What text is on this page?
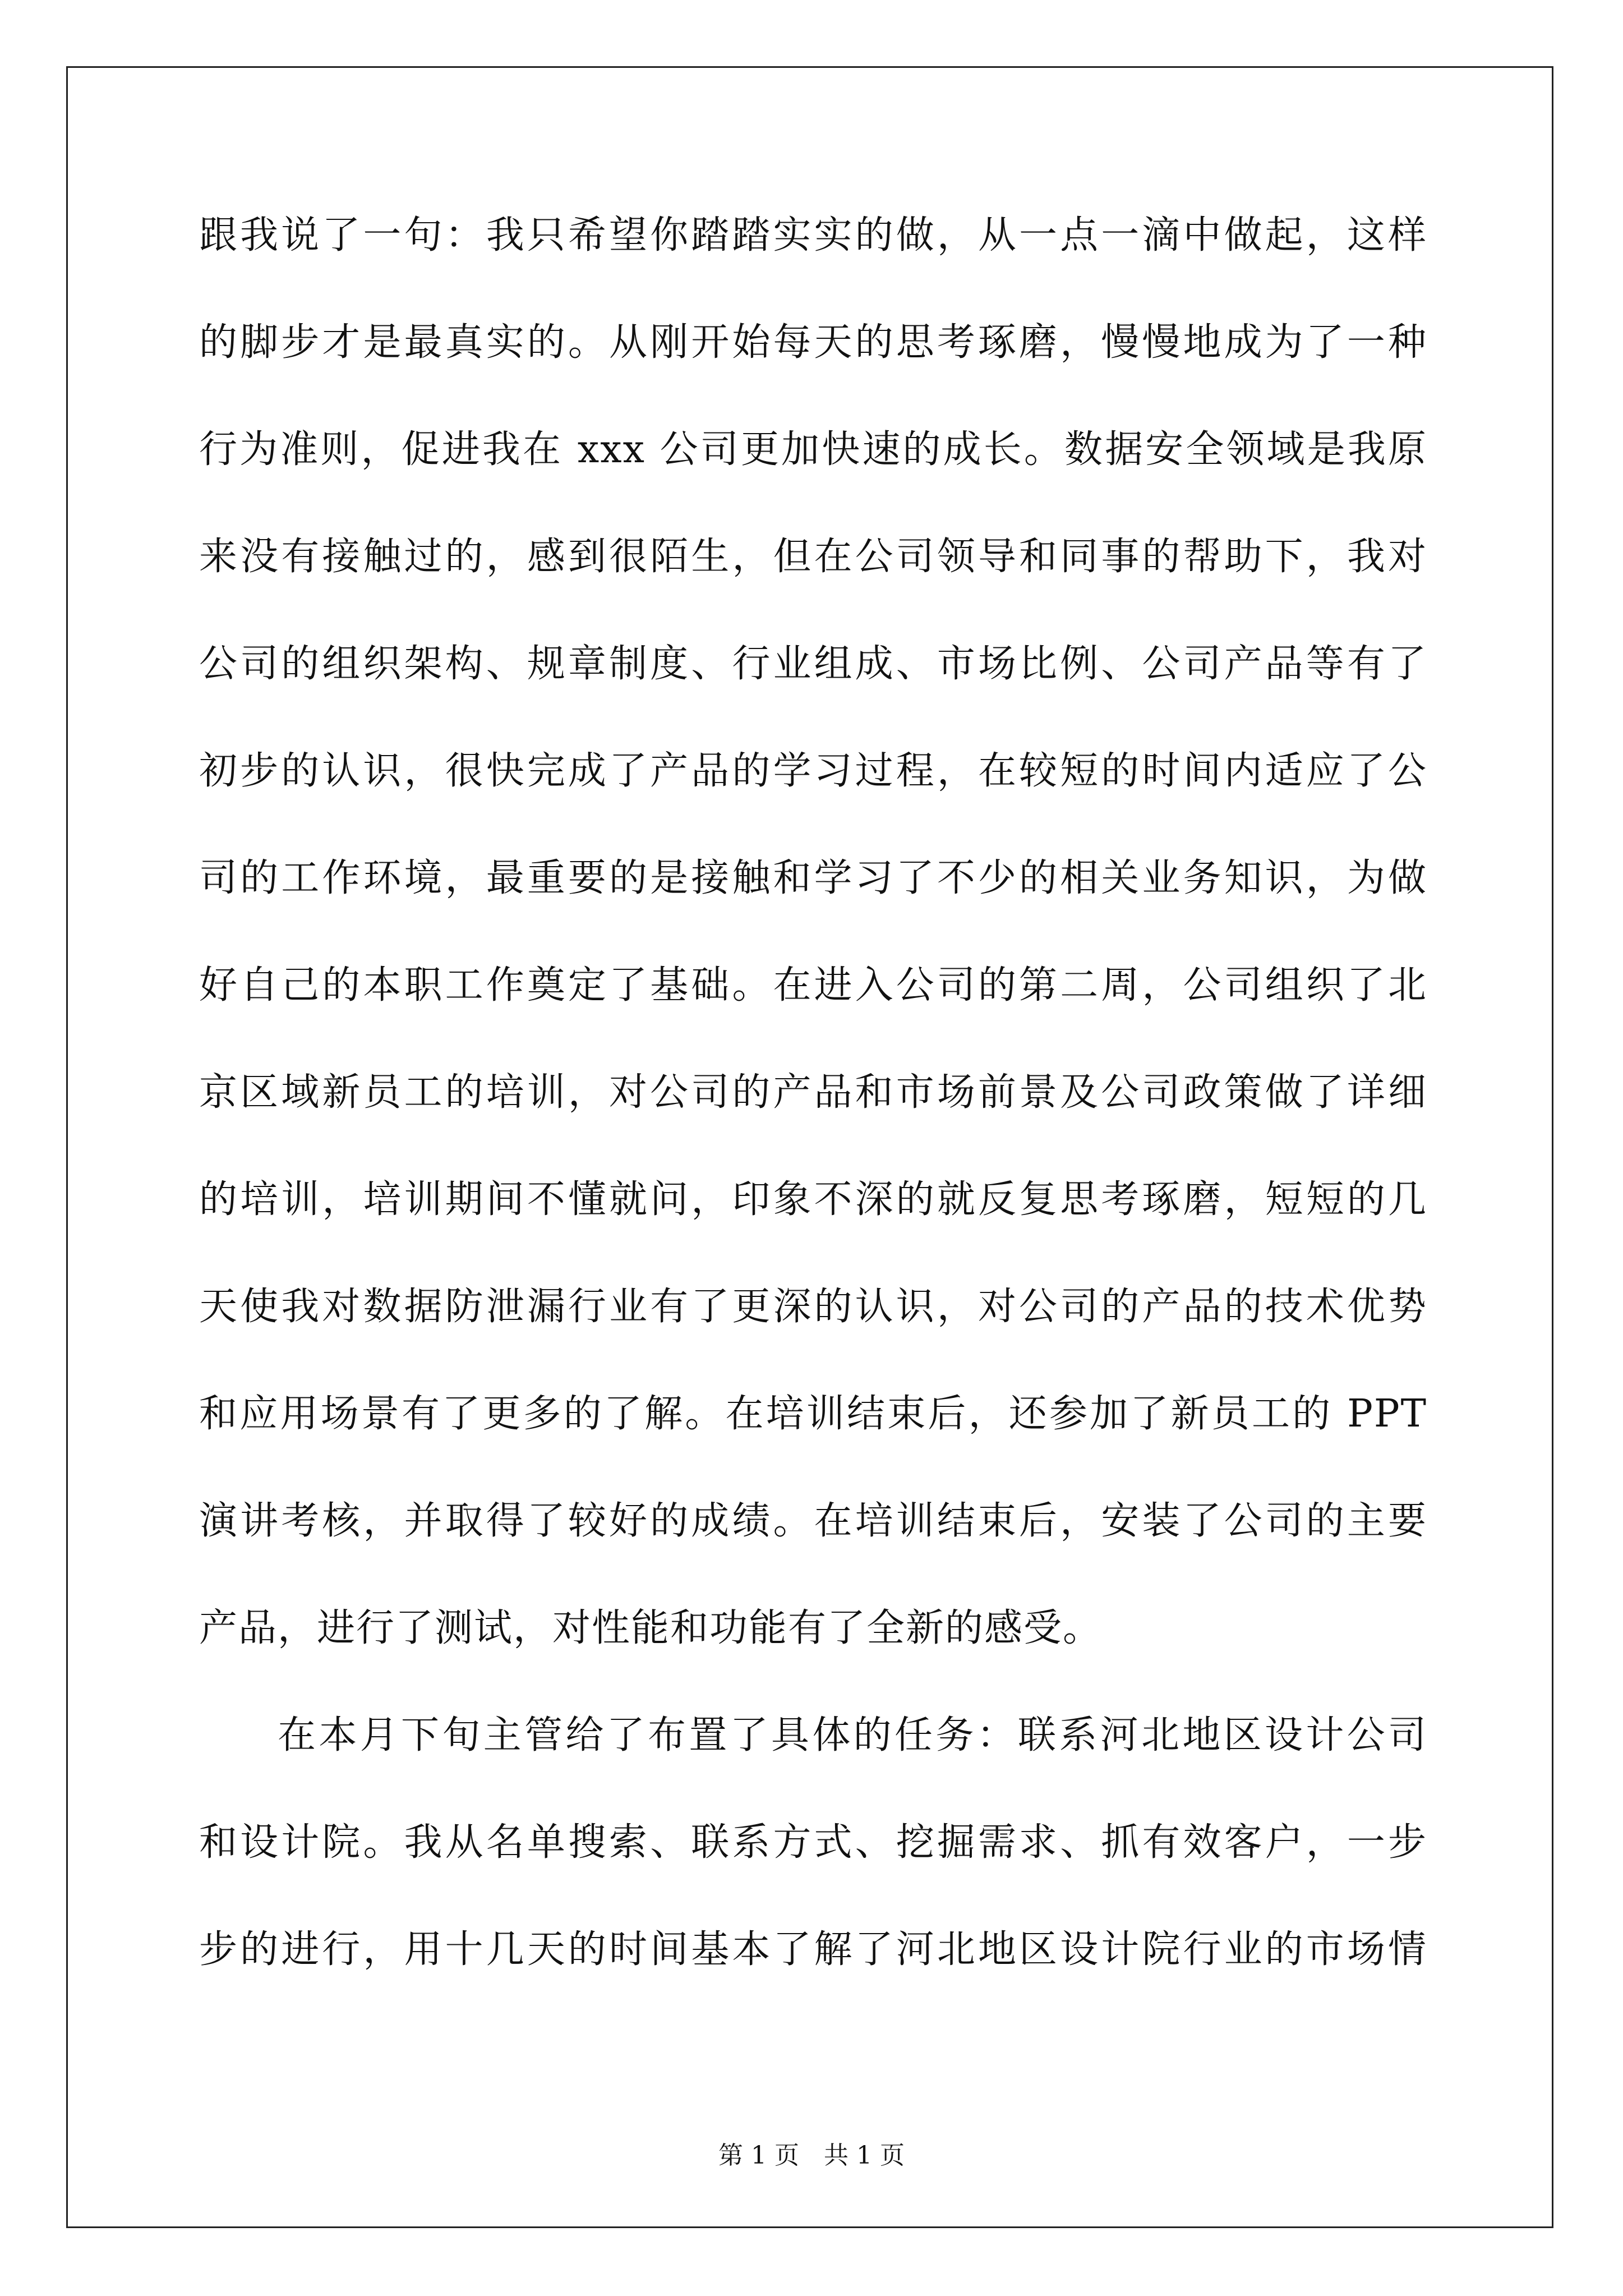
跟我说了一句：我只希望你踏踏实实的做，从一点一滴中做起，这样
的脚步才是最真实的。从刚开始每天的思考琢磨，慢慢地成为了一种
行为准则，促进我在 xxx 公司更加快速的成长。数据安全领域是我原
来没有接触过的，感到很陌生，但在公司领导和同事的帮助下，我对
公司的组织架构、规章制度、行业组成、市场比例、公司产品等有了
初步的认识，很快完成了产品的学习过程，在较短的时间内适应了公
司的工作环境，最重要的是接触和学习了不少的相关业务知识，为做
好自己的本职工作奠定了基础。在进入公司的第二周，公司组织了北
京区域新员工的培训，对公司的产品和市场前景及公司政策做了详细
的培训，培训期间不懂就问，印象不深的就反复思考琢磨，短短的几
天使我对数据防泄漏行业有了更深的认识，对公司的产品的技术优势
和应用场景有了更多的了解。在培训结束后，还参加了新员工的 PPT
演讲考核，并取得了较好的成绩。在培训结束后，安装了公司的主要
产品，进行了测试，对性能和功能有了全新的感受。
在本月下旬主管给了布置了具体的任务：联系河北地区设计公司
和设计院。我从名单搜索、联系方式、挖掘需求、抓有效客户，一步
步的进行，用十几天的时间基本了解了河北地区设计院行业的市场情
第 1 页　共 1 页
